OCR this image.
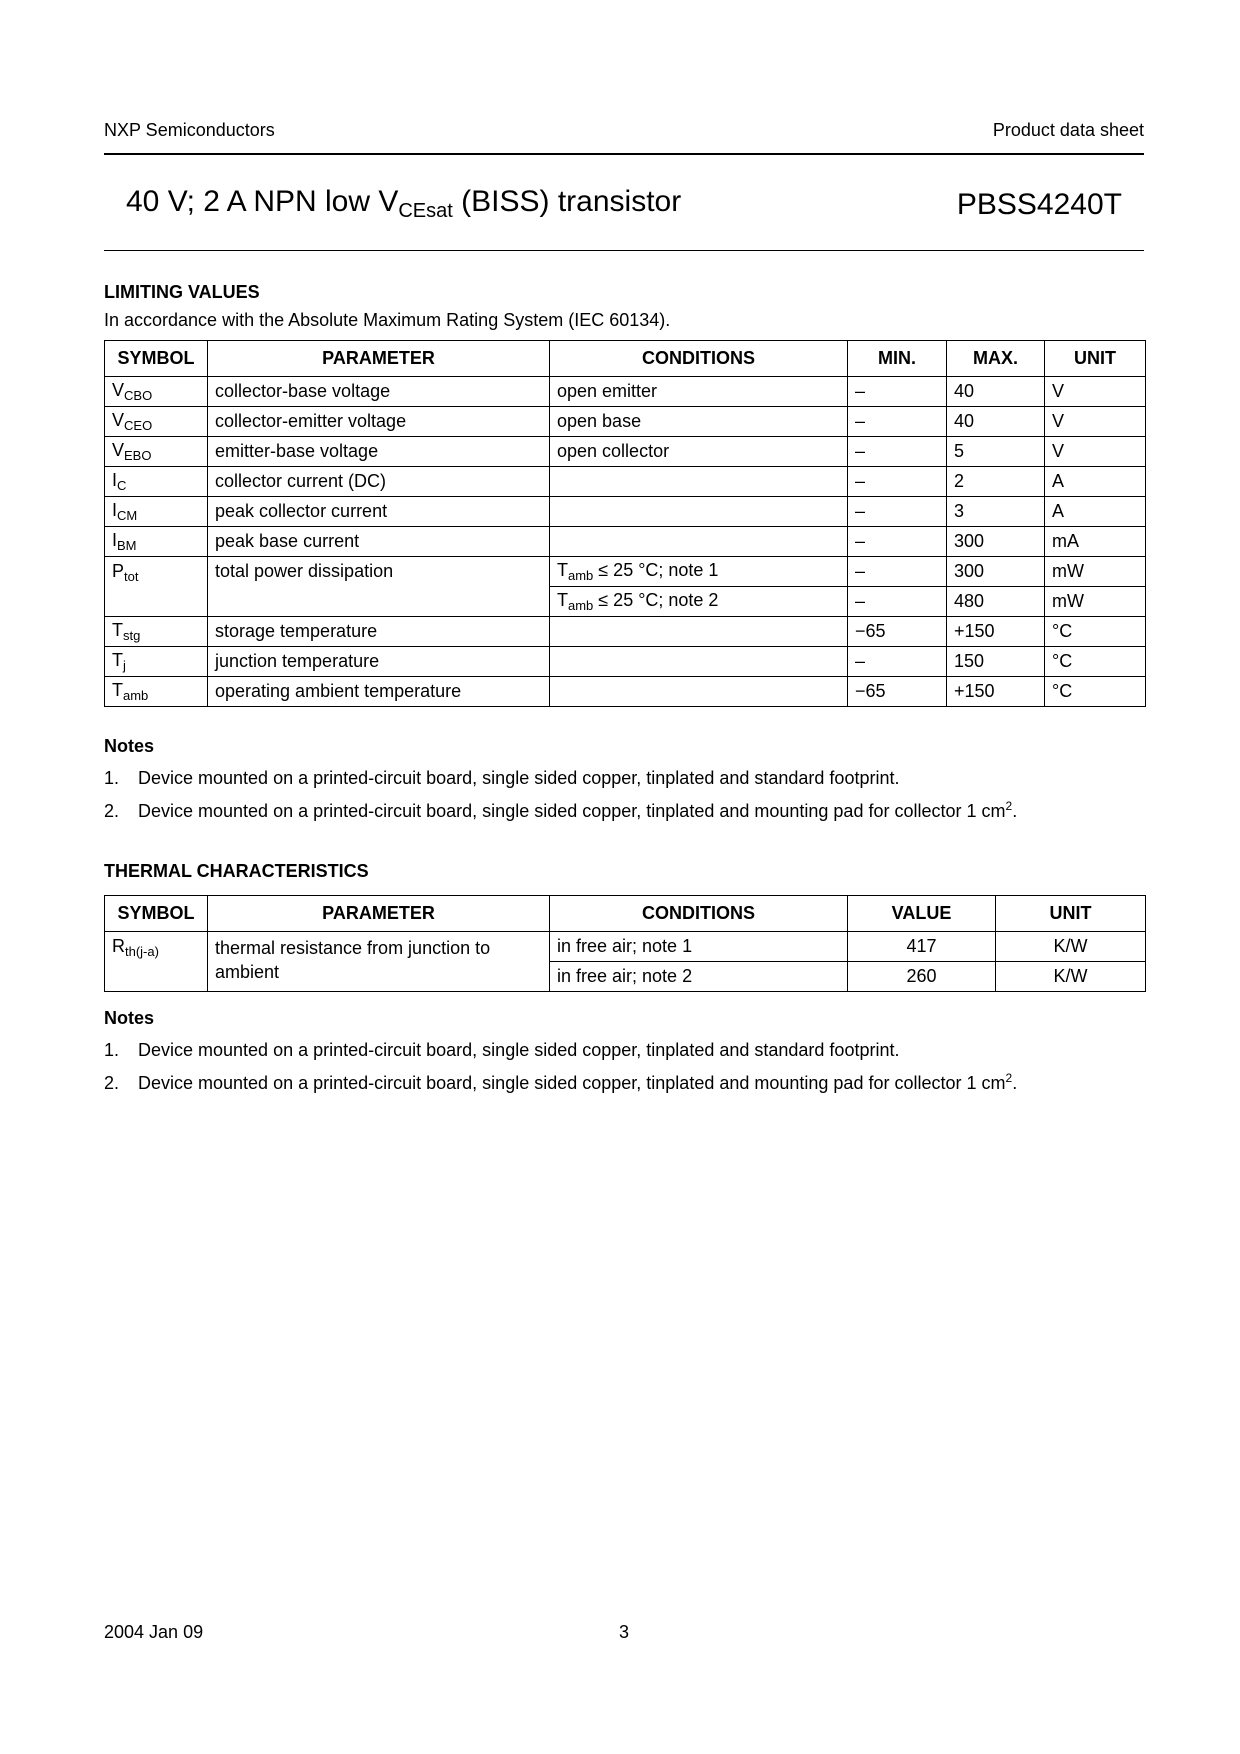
NXP Semiconductors	Product data sheet
40 V; 2 A NPN low $V_{CEsat}$ (BISS) transistor	PBSS4240T
LIMITING VALUES
In accordance with the Absolute Maximum Rating System (IEC 60134).
SYMBOL	PARAMETER	CONDITIONS	MIN.	MAX.	UNIT
$V_{CBO}$	collector-base voltage	open emitter	–	40	V
$V_{CEO}$	collector-emitter voltage	open base	–	40	V
$V_{EBO}$	emitter-base voltage	open collector	–	5	V
$I_C$	collector current (DC)		–	2	A
$I_{CM}$	peak collector current		–	3	A
$I_{BM}$	peak base current		–	300	mA
$P_{tot}$	total power dissipation	$T_{amb} \le 25$ °C; note 1	–	300	mW
		$T_{amb} \le 25$ °C; note 2	–	480	mW
$T_{stg}$	storage temperature		−65	+150	°C
$T_j$	junction temperature		–	150	°C
$T_{amb}$	operating ambient temperature		−65	+150	°C
Notes
1. Device mounted on a printed-circuit board, single sided copper, tinplated and standard footprint.
2. Device mounted on a printed-circuit board, single sided copper, tinplated and mounting pad for collector 1 $cm^2$.
THERMAL CHARACTERISTICS
SYMBOL	PARAMETER	CONDITIONS	VALUE	UNIT
$R_{th(j-a)}$	thermal resistance from junction to ambient	in free air; note 1	417	K/W
		in free air; note 2	260	K/W
Notes
1. Device mounted on a printed-circuit board, single sided copper, tinplated and standard footprint.
2. Device mounted on a printed-circuit board, single sided copper, tinplated and mounting pad for collector 1 $cm^2$.
2004 Jan 09	3
